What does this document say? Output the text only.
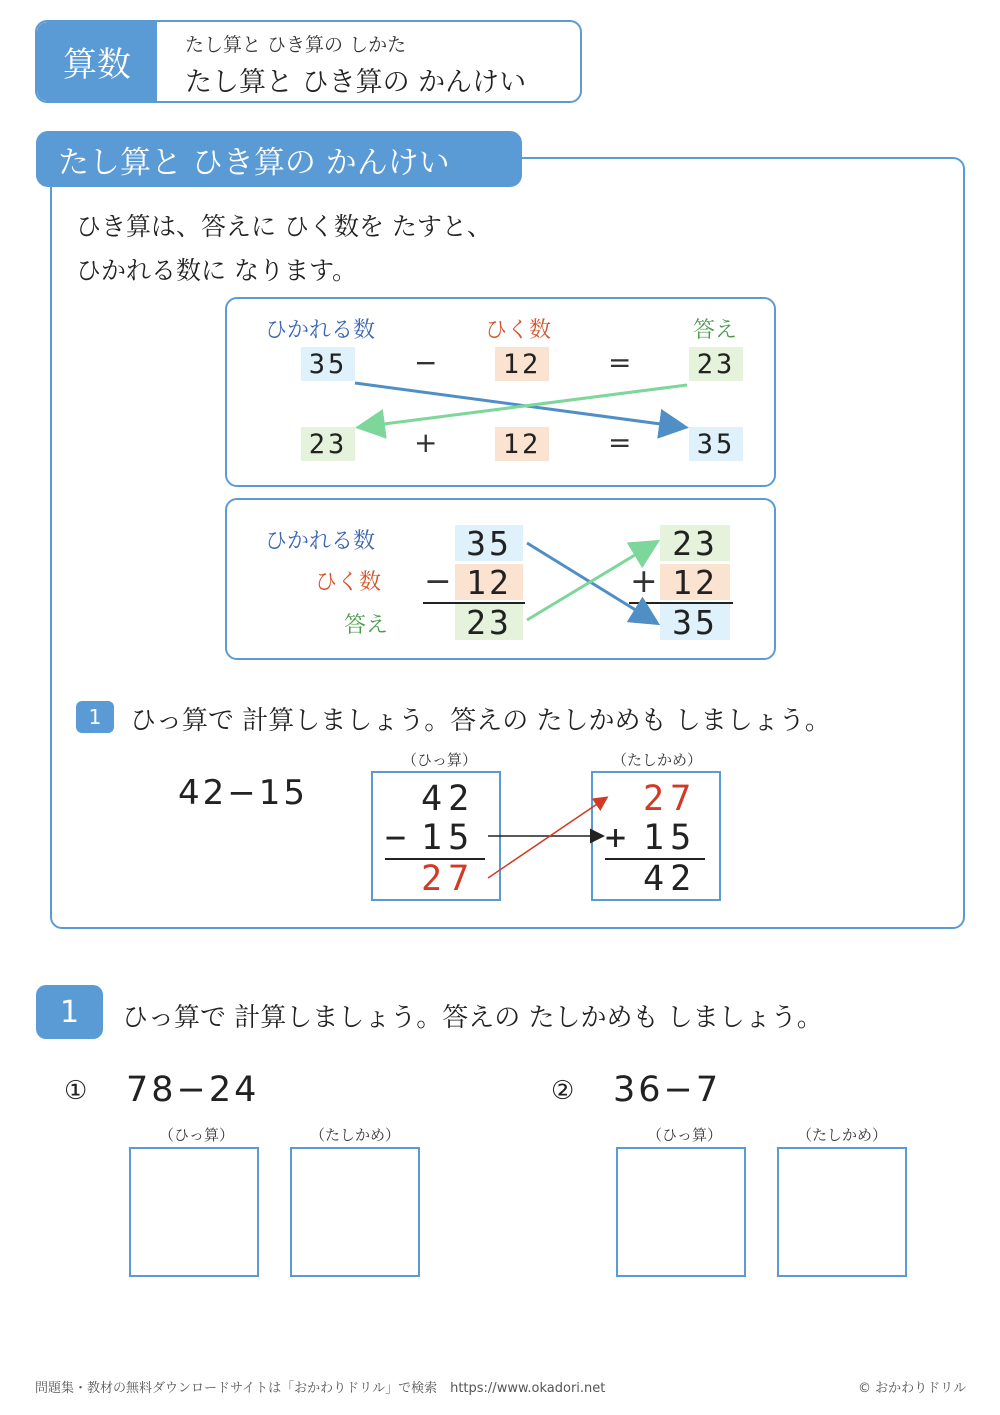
算数	たし算と ひき算の しかた
たし算と ひき算の かんけい
たし算と ひき算の かんけい
ひき算は、答えに ひく数を たすと、
ひかれる数に なります。
ひかれる数	ひく数	答え
35 − 12 = 23
23 + 12 = 35
ひかれる数
ひく数
答え
35
− 12
23
23
+ 12
35
1	ひっ算で 計算しましょう。答えの たしかめも しましょう。
42−15
（ひっ算）	（たしかめ）
42
− 15
27
27
+ 15
42
1	ひっ算で 計算しましょう。答えの たしかめも しましょう。
① 78−24
（ひっ算）	（たしかめ）
② 36−7
（ひっ算）	（たしかめ）
問題集・教材の無料ダウンロードサイトは「おかわりドリル」で検索　https://www.okadori.net	© おかわりドリル
